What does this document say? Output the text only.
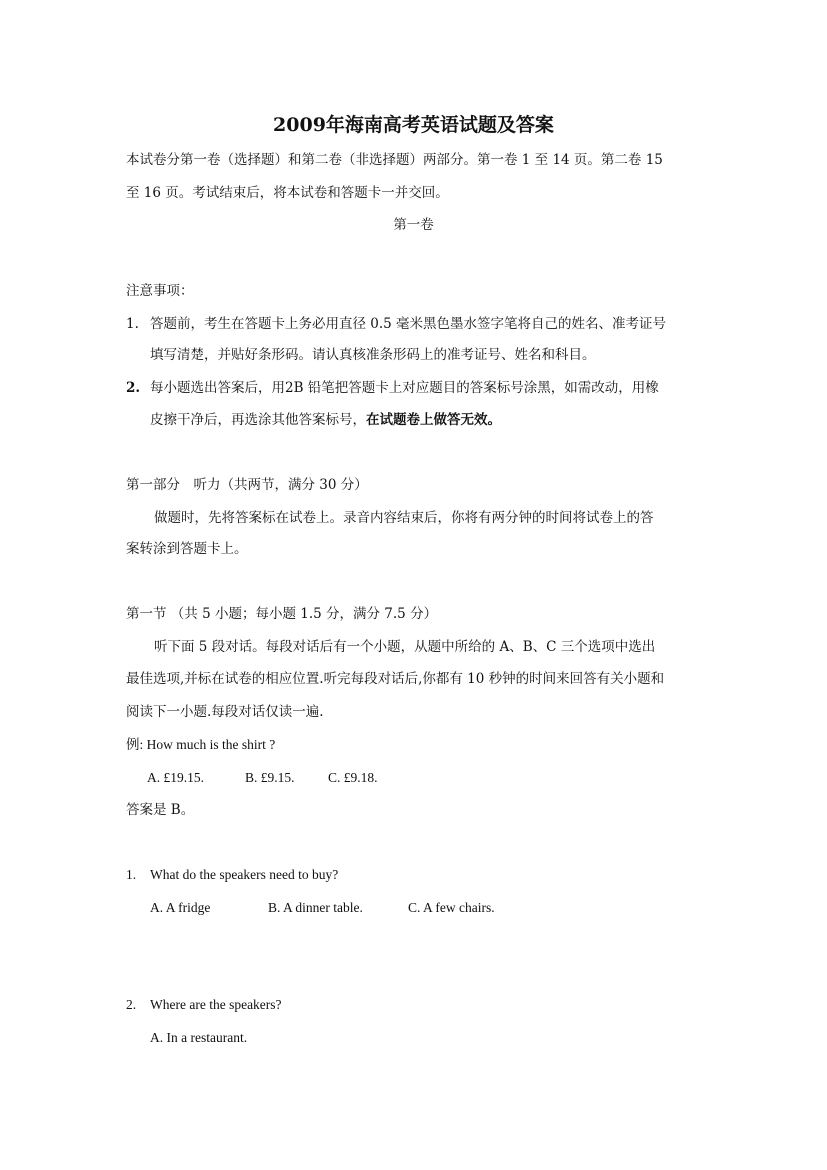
2009年海南高考英语试题及答案
本试卷分第一卷（选择题）和第二卷（非选择题）两部分。第一卷 1 至 14 页。第二卷 15
至 16 页。考试结束后，将本试卷和答题卡一并交回。
第一卷
注意事项：
1. 答题前，考生在答题卡上务必用直径 0.5 毫米黑色墨水签字笔将自己的姓名、准考证号
填写清楚，并贴好条形码。请认真核准条形码上的准考证号、姓名和科目。
2. 每小题选出答案后，用2B 铅笔把答题卡上对应题目的答案标号涂黑，如需改动，用橡
皮擦干净后，再选涂其他答案标号，在试题卷上做答无效。
第一部分　听力（共两节，满分 30 分）
做题时，先将答案标在试卷上。录音内容结束后，你将有两分钟的时间将试卷上的答
案转涂到答题卡上。
第一节 （共 5 小题；每小题 1.5 分，满分 7.5 分）
听下面 5 段对话。每段对话后有一个小题，从题中所给的 A、B、C 三个选项中选出
最佳选项,并标在试卷的相应位置.听完每段对话后,你都有 10 秒钟的时间来回答有关小题和
阅读下一小题.每段对话仅读一遍.
例: How much is the shirt ?
A. £19.15.	B. £9.15. C. £9.18.
答案是 B。
1. What do the speakers need to buy?
A. A fridge	B. A dinner table.	C. A few chairs.
2. Where are the speakers?
A. In a restaurant.
